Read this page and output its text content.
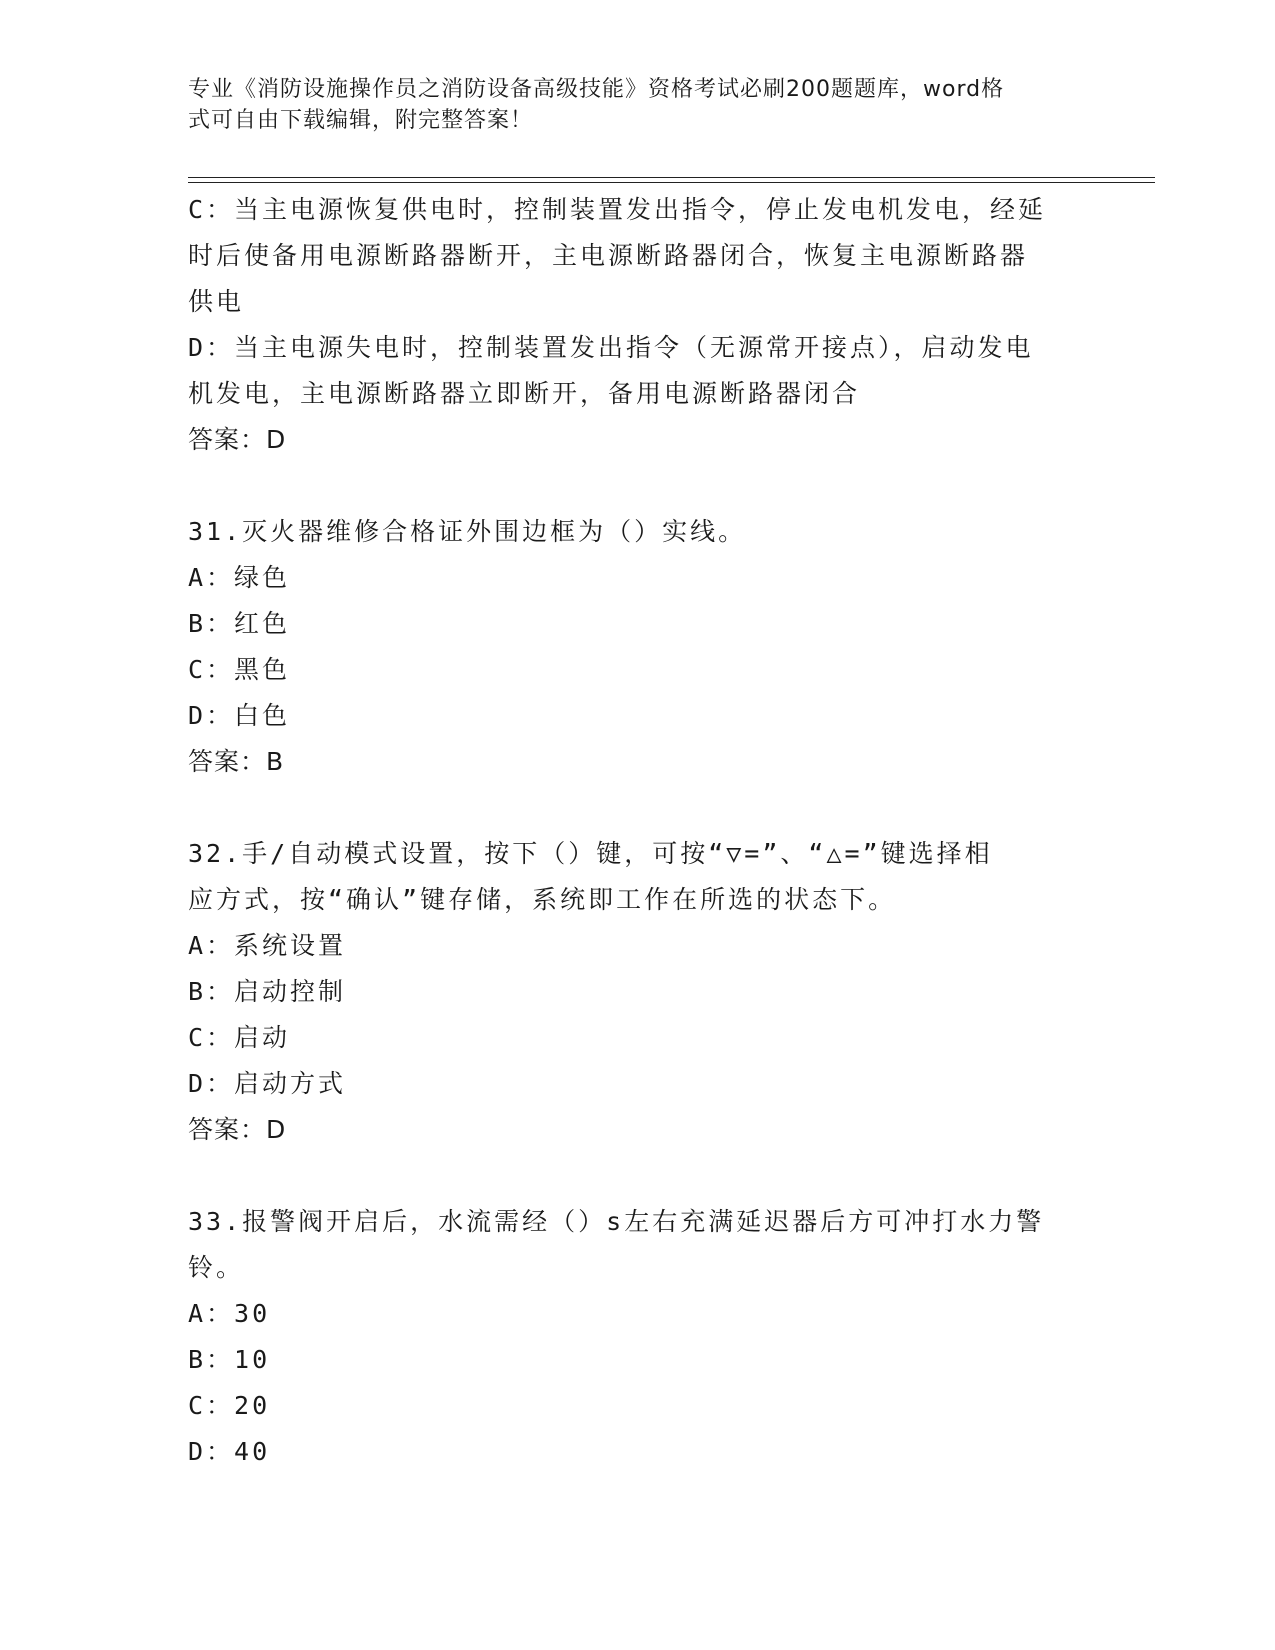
专业《消防设施操作员之消防设备高级技能》资格考试必刷200题题库，word格
式可自由下载编辑，附完整答案！
C：当主电源恢复供电时，控制装置发出指令，停止发电机发电，经延
时后使备用电源断路器断开，主电源断路器闭合，恢复主电源断路器
供电
D：当主电源失电时，控制装置发出指令（无源常开接点），启动发电
机发电，主电源断路器立即断开，备用电源断路器闭合
答案：D
31.灭火器维修合格证外围边框为（）实线。
A：绿色
B：红色
C：黑色
D：白色
答案：B
32.手/自动模式设置，按下（）键，可按“▽=”、“△=”键选择相
应方式，按“确认”键存储，系统即工作在所选的状态下。
A：系统设置
B：启动控制
C：启动
D：启动方式
答案：D
33.报警阀开启后，水流需经（）s左右充满延迟器后方可冲打水力警
铃。
A：30
B：10
C：20
D：40
